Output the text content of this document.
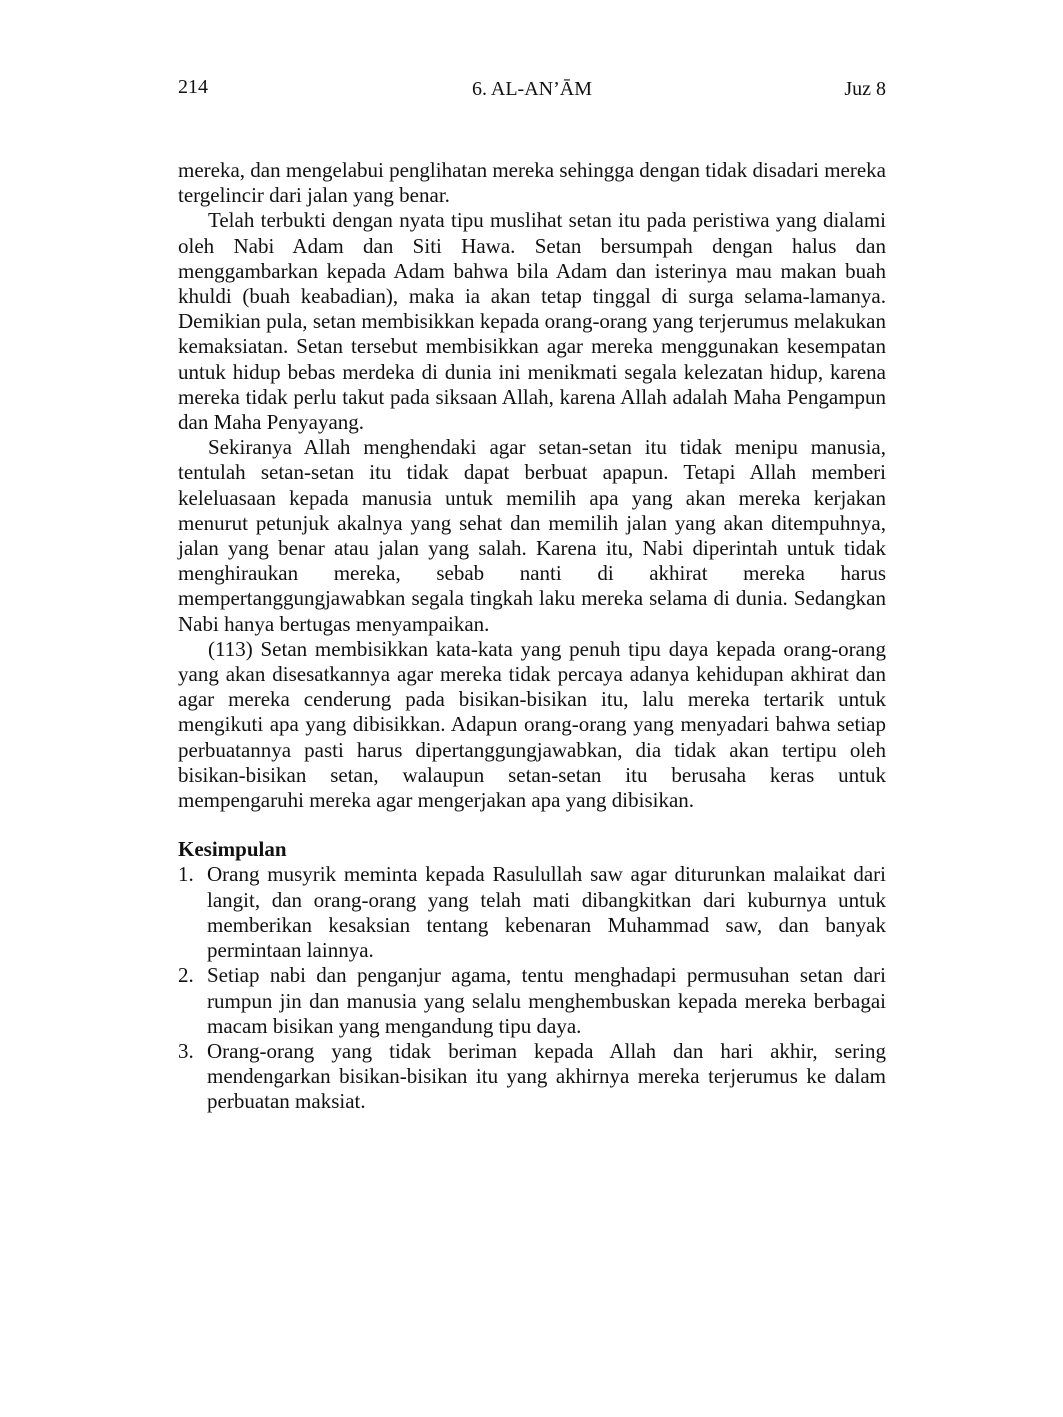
214	6. AL-AN’ĀM	Juz 8

mereka, dan mengelabui penglihatan mereka sehingga dengan tidak disadari mereka tergelincir dari jalan yang benar.

Telah terbukti dengan nyata tipu muslihat setan itu pada peristiwa yang dialami oleh Nabi Adam dan Siti Hawa. Setan bersumpah dengan halus dan menggambarkan kepada Adam bahwa bila Adam dan isterinya mau makan buah khuldi (buah keabadian), maka ia akan tetap tinggal di surga selama-lamanya. Demikian pula, setan membisikkan kepada orang-orang yang terjerumus melakukan kemaksiatan. Setan tersebut membisikkan agar mereka menggunakan kesempatan untuk hidup bebas merdeka di dunia ini menikmati segala kelezatan hidup, karena mereka tidak perlu takut pada siksaan Allah, karena Allah adalah Maha Pengampun dan Maha Penyayang.

Sekiranya Allah menghendaki agar setan-setan itu tidak menipu manusia, tentulah setan-setan itu tidak dapat berbuat apapun. Tetapi Allah memberi keleluasaan kepada manusia untuk memilih apa yang akan mereka kerjakan menurut petunjuk akalnya yang sehat dan memilih jalan yang akan ditempuhnya, jalan yang benar atau jalan yang salah. Karena itu, Nabi diperintah untuk tidak menghiraukan mereka, sebab nanti di akhirat mereka harus mempertanggungjawabkan segala tingkah laku mereka selama di dunia. Sedangkan Nabi hanya bertugas menyampaikan.

(113) Setan membisikkan kata-kata yang penuh tipu daya kepada orang-orang yang akan disesatkannya agar mereka tidak percaya adanya kehidupan akhirat dan agar mereka cenderung pada bisikan-bisikan itu, lalu mereka tertarik untuk mengikuti apa yang dibisikkan. Adapun orang-orang yang menyadari bahwa setiap perbuatannya pasti harus dipertanggungjawabkan, dia tidak akan tertipu oleh bisikan-bisikan setan, walaupun setan-setan itu berusaha keras untuk mempengaruhi mereka agar mengerjakan apa yang dibisikan.

Kesimpulan
1. Orang musyrik meminta kepada Rasulullah saw agar diturunkan malaikat dari langit, dan orang-orang yang telah mati dibangkitkan dari kuburnya untuk memberikan kesaksian tentang kebenaran Muhammad saw, dan banyak permintaan lainnya.
2. Setiap nabi dan penganjur agama, tentu menghadapi permusuhan setan dari rumpun jin dan manusia yang selalu menghembuskan kepada mereka berbagai macam bisikan yang mengandung tipu daya.
3. Orang-orang yang tidak beriman kepada Allah dan hari akhir, sering mendengarkan bisikan-bisikan itu yang akhirnya mereka terjerumus ke dalam perbuatan maksiat.
